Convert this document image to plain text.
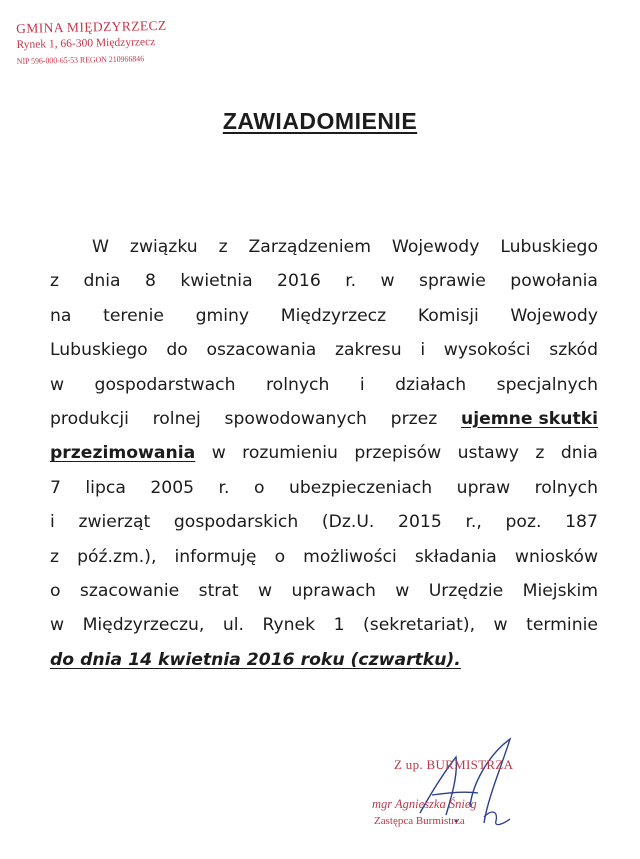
GMINA MIĘDZYRZECZ
Rynek 1, 66-300 Międzyrzecz
NIP 596-000-65-53 REGON 210966846
ZAWIADOMIENIE
W związku z Zarządzeniem Wojewody Lubuskiego
z dnia 8 kwietnia 2016 r. w sprawie powołania
na terenie gminy Międzyrzecz Komisji Wojewody
Lubuskiego do oszacowania zakresu i wysokości szkód
w gospodarstwach rolnych i działach specjalnych
produkcji rolnej spowodowanych przez ujemne skutki
przezimowania w rozumieniu przepisów ustawy z dnia
7 lipca 2005 r. o ubezpieczeniach upraw rolnych
i zwierząt gospodarskich (Dz.U. 2015 r., poz. 187
z póź.zm.), informuję o możliwości składania wniosków
o szacowanie strat w uprawach w Urzędzie Miejskim
w Międzyrzeczu, ul. Rynek 1 (sekretariat), w terminie
do dnia 14 kwietnia 2016 roku (czwartku).
Z up. BURMISTRZA
mgr Agnieszka Śnieg
Zastępca Burmistrza
